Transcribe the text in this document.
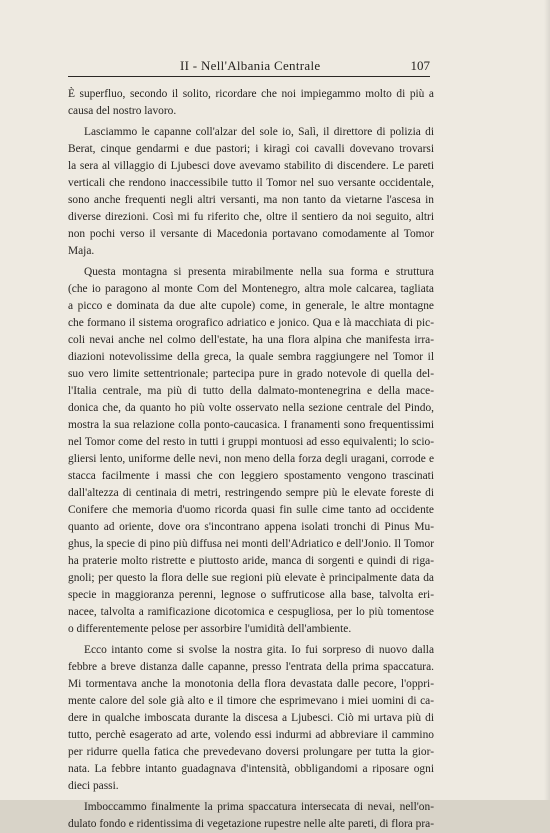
II - Nell'Albania Centrale	107
È superfluo, secondo il solito, ricordare che noi impiegammo molto di più a
causa del nostro lavoro.
Lasciammo le capanne coll'alzar del sole io, Salì, il direttore di polizia di
Berat, cinque gendarmi e due pastori; i kiragì coi cavalli dovevano trovarsi
la sera al villaggio di Ljubesci dove avevamo stabilito di discendere. Le pareti
verticali che rendono inaccessibile tutto il Tomor nel suo versante occidentale,
sono anche frequenti negli altri versanti, ma non tanto da vietarne l'ascesa in
diverse direzioni. Così mi fu riferito che, oltre il sentiero da noi seguito, altri
non pochi verso il versante di Macedonia portavano comodamente al Tomor
Maja.
Questa montagna si presenta mirabilmente nella sua forma e struttura
(che io paragono al monte Com del Montenegro, altra mole calcarea, tagliata
a picco e dominata da due alte cupole) come, in generale, le altre montagne
che formano il sistema orografico adriatico e jonico. Qua e là macchiata di pic-
coli nevai anche nel colmo dell'estate, ha una flora alpina che manifesta irra-
diazioni notevolissime della greca, la quale sembra raggiungere nel Tomor il
suo vero limite settentrionale; partecipa pure in grado notevole di quella del-
l'Italia centrale, ma più di tutto della dalmato-montenegrina e della mace-
donica che, da quanto ho più volte osservato nella sezione centrale del Pindo,
mostra la sua relazione colla ponto-caucasica. I franamenti sono frequentissimi
nel Tomor come del resto in tutti i gruppi montuosi ad esso equivalenti; lo scio-
gliersi lento, uniforme delle nevi, non meno della forza degli uragani, corrode e
stacca facilmente i massi che con leggiero spostamento vengono trascinati
dall'altezza di centinaia di metri, restringendo sempre più le elevate foreste di
Conifere che memoria d'uomo ricorda quasi fin sulle cime tanto ad occidente
quanto ad oriente, dove ora s'incontrano appena isolati tronchi di Pinus Mu-
ghus, la specie di pino più diffusa nei monti dell'Adriatico e dell'Jonio. Il Tomor
ha praterie molto ristrette e piuttosto aride, manca di sorgenti e quindi di riga-
gnoli; per questo la flora delle sue regioni più elevate è principalmente data da
specie in maggioranza perenni, legnose o suffruticose alla base, talvolta eri-
nacee, talvolta a ramificazione dicotomica e cespugliosa, per lo più tomentose
o differentemente pelose per assorbire l'umidità dell'ambiente.
Ecco intanto come si svolse la nostra gita. Io fui sorpreso di nuovo dalla
febbre a breve distanza dalle capanne, presso l'entrata della prima spaccatura.
Mi tormentava anche la monotonia della flora devastata dalle pecore, l'oppri-
mente calore del sole già alto e il timore che esprimevano i miei uomini di ca-
dere in qualche imboscata durante la discesa a Ljubesci. Ciò mi urtava più di
tutto, perchè esagerato ad arte, volendo essi indurmi ad abbreviare il cammino
per ridurre quella fatica che prevedevano doversi prolungare per tutta la gior-
nata. La febbre intanto guadagnava d'intensità, obbligandomi a riposare ogni
dieci passi.
Imboccammo finalmente la prima spaccatura intersecata di nevai, nell'on-
dulato fondo e ridentissima di vegetazione rupestre nelle alte pareti, di flora pra-
